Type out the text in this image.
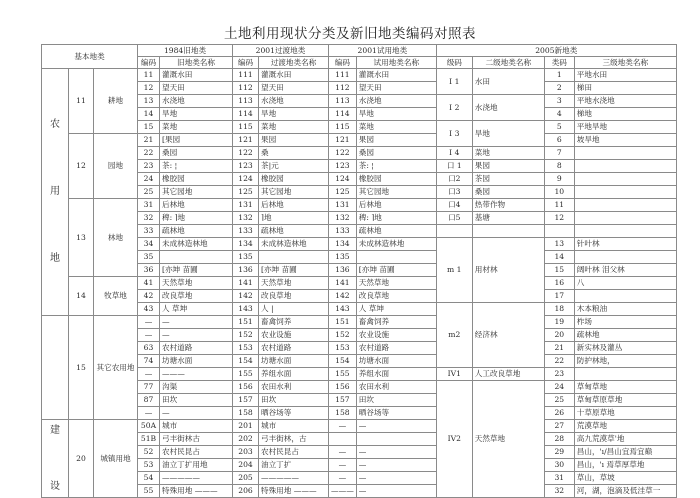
土地利用现状分类及新旧地类编码对照表
基本地类			1984旧地类		2001过渡地类		2001试用地类		2005新地类			
			编码	旧地类名称	编码	过渡地类名称	编码	试用地类名称	级码	二级地类名称	类码	三级地类名称

农
用
地	11	耕地	11	灌溉水田	111	灌溉水田	111	灌溉水田	I 1	水田	1	平地水田
			12	望天田	112	望天田	112	望天田			2	梯田
			13	水浇地	113	水浇地	113	水浇地	I 2	水浇地	3	平地水浇地
			14	旱地	114	旱地	114	旱地			4	梯地
			15	菜地	115	菜地	115	菜地	I 3	旱地	5	平地旱地
	12	园地	21	[果园	121	果园	121	果园			6	坡旱地
			22	桑园	122	桑	122	桑园	I 4	菜地	7	
			23	茶: ¦	123	茶|元	123	茶: ¦	口 1	果园	8	
			24	橡胶园	124	橡胶园	124	橡胶园	口2	茶园	9	
			25	其它园地	125	其它园地	125	其它园地	口3	桑园	10	
	13	林地	31	后林地	131	后林地	131	后林地	口4	热带作物	11	
			32	稗: ⌉地	132	⌉地	132	稗: ⌉地	口5	基塘	12	
			33	疏林地	133	疏林地	133	疏林地				
			34	未成林造林地	134	未成林造林地	134	未成林造林地	m 1	用材林	13	针叶林
			35		135		135				14	
			36	[亦坤 苗圃	136	[亦坤 苗圃	136	[亦坤 苗圃			15	阔叶林 泪父林
	14	牧草地	41	天然草地	141	天然草地	141	天然草地			16	八
			42	改良草地	142	改良草地	142	改良草地			17	
			43	人 草坤	143	人 |	143	人 草坤	m2	经济林	18	木本粮油
	15	其它农用地	—	—	151	畜禽饲养	151	畜禽饲养			19	柞场
			—	—	152	农业设施	152	农业设施			20	疏林地
			63	农村道路	153	农村道路	153	农村道路			21	新实林及灌丛
			74	坊塘水面	154	坊塘水面	154	坊塘水面			22	防护林地，
			—	———	155	养组水面	155	养组水面	IV1	人工改良草地	23	
			77	沟渠	156	农田水利	156	农田水利	IV2	天然草地	24	草甸草地
			87	田坎	157	田坎	157	田坎			25	草甸草原草地
			—	—	158	晒谷场等	158	晒谷场等			26	十草原草地

建
设	20	城镇用地	50A	城市	201	城市	—	—			27	荒漠草地
			51B	弓丰街林古	202	弓丰街林，古					28	高九荒漠草'地
			52	农村民昆占	203	农村民昆占	—	—			29	昌山，'ı/昌山宜焉宜巅
			53	油立丁扩用地	204	油立丁扩	—	—			30	昌山，'ı 焉草厚草地
			54	—————	205	—————	—	—			31	草山，草坡
			55	特殊用地 ———	206	特殊用地 ———	———	—			32	河，湖，泡滴及低洼草一
